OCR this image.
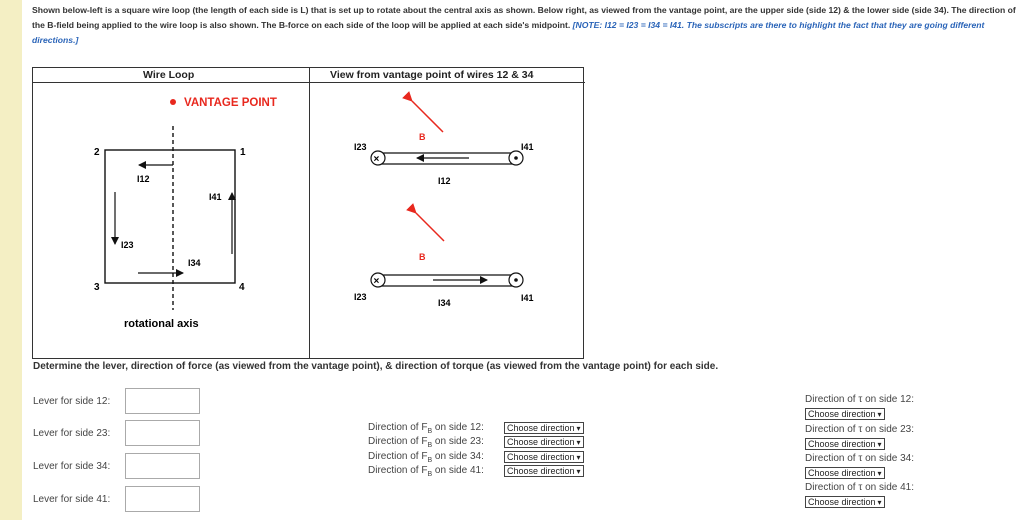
Shown below-left is a square wire loop (the length of each side is L) that is set up to rotate about the central axis as shown. Below right, as viewed from the vantage point, are the upper side (side 12) & the lower side (side 34). The direction of the B-field being applied to the wire loop is also shown. The B-force on each side of the loop will be applied at each side's midpoint. [NOTE: I12 = I23 = I34 = I41. The subscripts are there to highlight the fact that they are going different directions.]
Wire Loop	View from vantage point of wires 12 & 34
VANTAGE POINT
I12
I23
I34
I41
1
2
3	4
rotational axis
B
×
I23	I41
I12
B
×
I23	I41
I34
Determine the lever, direction of force (as viewed from the vantage point), & direction of torque (as viewed from the vantage point) for each side.
Lever for side 12:
Lever for side 23:
Lever for side 34:
Lever for side 41:
Direction of $F_B$ on side 12:	Choose direction ▾
Direction of $F_B$ on side 23:	Choose direction ▾
Direction of $F_B$ on side 34:	Choose direction ▾
Direction of $F_B$ on side 41:	Choose direction ▾
Direction of τ on side 12:
Choose direction ▾
Direction of τ on side 23:
Choose direction ▾
Direction of τ on side 34:
Choose direction ▾
Direction of τ on side 41:
Choose direction ▾
